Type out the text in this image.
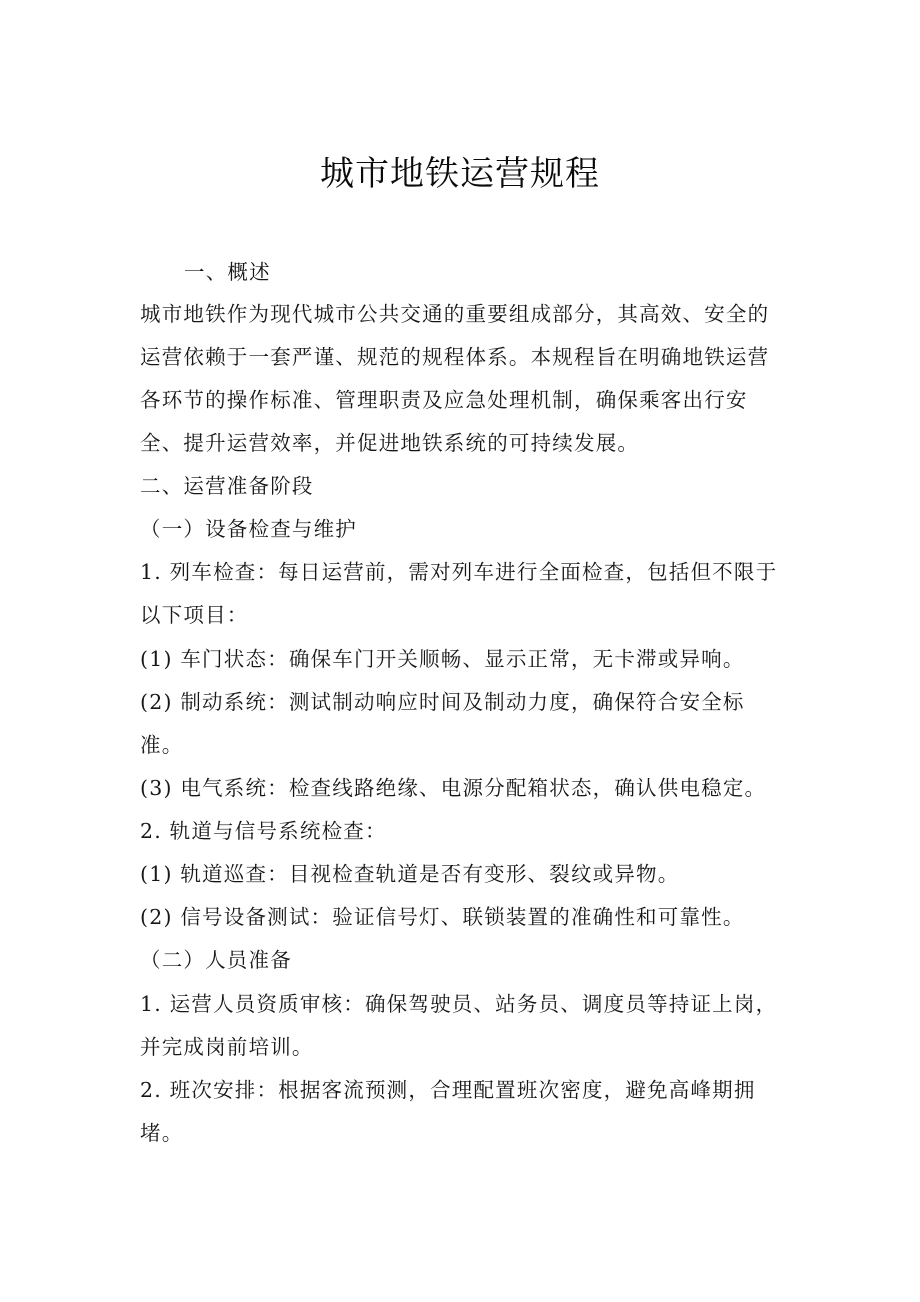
城市地铁运营规程

一、概述

城市地铁作为现代城市公共交通的重要组成部分，其高效、安全的

运营依赖于一套严谨、规范的规程体系。本规程旨在明确地铁运营

各环节的操作标准、管理职责及应急处理机制，确保乘客出行安

全、提升运营效率，并促进地铁系统的可持续发展。

二、运营准备阶段

（一）设备检查与维护

1. 列车检查：每日运营前，需对列车进行全面检查，包括但不限于

以下项目：

(1) 车门状态：确保车门开关顺畅、显示正常，无卡滞或异响。

(2) 制动系统：测试制动响应时间及制动力度，确保符合安全标

准。

(3) 电气系统：检查线路绝缘、电源分配箱状态，确认供电稳定。

2. 轨道与信号系统检查：

(1) 轨道巡查：目视检查轨道是否有变形、裂纹或异物。

(2) 信号设备测试：验证信号灯、联锁装置的准确性和可靠性。

（二）人员准备

1. 运营人员资质审核：确保驾驶员、站务员、调度员等持证上岗，

并完成岗前培训。

2. 班次安排：根据客流预测，合理配置班次密度，避免高峰期拥

堵。
